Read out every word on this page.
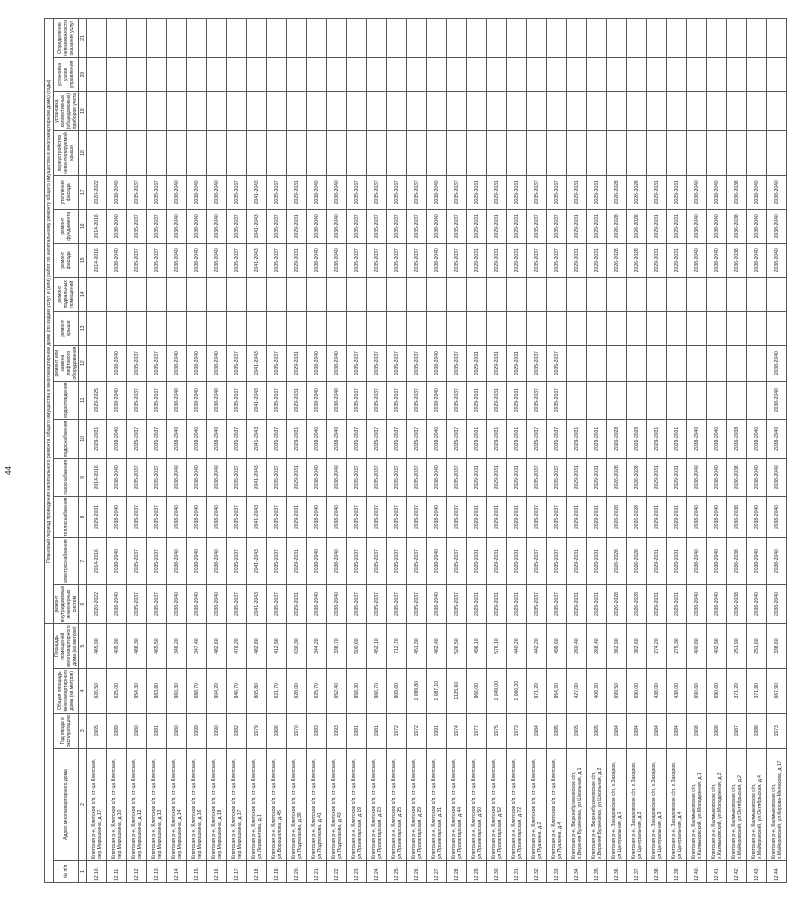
44
					Плановый период проведения капитального ремонта общего имущества в многоквартирном доме (по видам услуг и (или) работ по капитальному ремонту общего имущества в многоквартирном доме) (годы)															
№ п/п	Адрес многоквартирного дома	Год ввода в эксплуатацию	Общая площадь многоквартирного дома (кв.метров)	Площадь помещений многоквартирного дома (кв.метров)	ремонт внутридомовых инженерных систем	электроснабжения	теплоснабжения	газоснабжения	водоснабжения	водоотведения	ремонт или замена лифтового оборудования	ремонт крыши	ремонт подвальных помещений	ремонт фасада	ремонт фундамента	утепление фасада	переустройство невентилируемой крыши	установка коллективных (общедомовых) приборов учета	установка узлов управления	Определение невозможности оказания услуг
1	2	3	4	5	6	7	8	9	10	11	12	13	14	15	16	17	18	19	20	21
12.10.	Клетская р-н, Клетское с/п, ст-ца Клетская, пер.Мирошкина, д.17	1965	626,50	465,90	2020-2022	2014-2016	2029-2031	2014-2016	2029-2031	2029-2025				2014-2016	2014-2016	2020-2022				
12.11.	Клетская р-н, Клетское с/п, ст-ца Клетская, пер.Мирошкина, д.10	1989	625,00	405,90	2038-2040	2038-2040	2038-2040	2038-2040	2038-2040	2038-2040	2038-2040			2038-2040	2038-2040	2038-2040				
12.12.	Клетская р-н, Клетское с/п, ст-ца Клетская, пер.Мирошкина, д.12	1980	954,30	488,30	2035-2037	2035-2037	2035-2037	2035-2037	2035-2037	2035-2037	2035-2037			2035-2037	2035-2037	2035-2037				
12.13.	Клетская р-н, Клетское с/п, ст-ца Клетская, пер.Мирошкина, д.13	1981	983,80	465,50	2035-2037	2035-2037	2035-2037	2035-2037	2035-2037	2035-2037	2035-2037			2035-2037	2035-2037	2035-2037				
12.14.	Клетская р-н, Клетское с/п, ст-ца Клетская, пер.Мирошкина, д.14	1980	960,30	346,20	2038-2040	2038-2040	2038-2040	2038-2040	2038-2040	2038-2040	2038-2040			2038-2040	2038-2040	2038-2040				
12.15.	Клетская р-н, Клетское с/п, ст-ца Клетская, пер.Мирошкина, д.16	1999	688,70	347,40	2038-2040	2038-2040	2038-2040	2038-2040	2038-2040	2038-2040	2038-2040			2038-2040	2038-2040	2038-2040				
12.16.	Клетская р-н, Клетское с/п, ст-ца Клетская, пер.Мирошкина, д.18	1990	904,20	482,60	2038-2040	2038-2040	2038-2040	2038-2040	2038-2040	2038-2040	2038-2040			2038-2040	2038-2040	2038-2040				
12.17.	Клетская р-н, Клетское с/п, ст-ца Клетская, пер.Мирошкина, д.17	1982	946,70	476,20	2035-2037	2035-2037	2035-2037	2035-2037	2035-2037	2035-2037	2035-2037			2035-2037	2035-2037	2035-2037				
12.18.	Клетская р-н, Клетское с/п, ст-ца Клетская, ул.Лермонтова, д.1	1979	865,80	482,80	2041-2043	2041-2043	2041-2043	2041-2043	2041-2043	2041-2043	2041-2043			2041-2043	2041-2043	2041-2043				
12.19.	Клетская р-н, Клетское с/п, ст-ца Клетская, ул.Ворошилова, д.45	1966	621,70	412,90	2035-2037	2035-2037	2035-2037	2035-2037	2035-2037	2035-2037	2035-2037			2035-2037	2035-2037	2035-2037				
12.20.	Клетская р-н, Клетское с/п, ст-ца Клетская, ул.Подтелкова, д.39	1970	628,00	630,30	2029-2031	2029-2031	2029-2031	2029-2031	2029-2031	2029-2031	2029-2031			2029-2031	2029-2031	2029-2031				
12.21.	Клетская р-н, Клетское с/п, ст-ца Клетская, ул.Подтелкова, д.41	1983	625,70	344,20	2038-2040	2038-2040	2038-2040	2038-2040	2038-2040	2038-2040	2038-2040			2038-2040	2038-2040	2038-2040				
12.22.	Клетская р-н, Клетское с/п, ст-ца Клетская, ул.Подтелкова, д.43	1993	652,40	338,70	2038-2040	2038-2040	2038-2040	2038-2040	2038-2040	2038-2040	2038-2040			2038-2040	2038-2040	2038-2040				
12.23.	Клетская р-н, Клетское с/п, ст-ца Клетская, ул.Пролетарская, д.19	1981	858,30	500,60	2035-2037	2035-2037	2035-2037	2035-2037	2035-2037	2035-2037	2035-2037			2035-2037	2035-2037	2035-2037				
12.24.	Клетская р-н, Клетское с/п, ст-ца Клетская, ул.Пролетарская, д.23	1981	966,70	452,10	2035-2037	2035-2037	2035-2037	2035-2037	2035-2037	2035-2037	2035-2037			2035-2037	2035-2037	2035-2037				
12.25.	Клетская р-н, Клетское с/п, ст-ца Клетская, ул.Пролетарская, д.25	1972	809,60	712,70	2035-2037	2035-2037	2035-2037	2035-2037	2035-2037	2035-2037	2035-2037			2035-2037	2035-2037	2035-2037				
12.26.	Клетская р-н, Клетское с/п, ст-ца Клетская, ул.Пролетарская, д.29	1972	1 099,80	451,30	2035-2037	2035-2037	2035-2037	2035-2037	2035-2037	2035-2037	2035-2037			2035-2037	2035-2037	2035-2037				
12.27.	Клетская р-н, Клетское с/п, ст-ца Клетская, ул.Пролетарская, д.31	1991	1 087,10	462,40	2038-2040	2038-2040	2038-2040	2038-2040	2038-2040	2038-2040	2038-2040			2038-2040	2038-2040	2038-2040				
12.28.	Клетская р-н, Клетское с/п, ст-ца Клетская, ул.Пролетарская, д.44	1974	1125,60	526,50	2035-2037	2035-2037	2035-2037	2035-2037	2035-2037	2035-2037	2035-2037			2035-2037	2035-2037	2035-2037				
12.29.	Клетская р-н, Клетское с/п, ст-ца Клетская, ул.Пролетарская, д.50	1977	966,00	496,10	2029-2031	2029-2031	2029-2031	2029-2031	2029-2031	2029-2031	2029-2031			2029-2031	2029-2031	2029-2031				
12.30.	Клетская р-н, Клетское с/п, ст-ца Клетская, ул.Пролетарская, д.52	1975	1 049,00	576,10	2029-2031	2029-2031	2029-2031	2029-2031	2029-2031	2029-2031	2029-2031			2029-2031	2029-2031	2029-2031				
12.31.	Клетская р-н, Клетское с/п, ст-ца Клетская, ул.Пролетарская, д.72	1973	1 066,20	440,20	2029-2031	2029-2031	2029-2031	2029-2031	2029-2031	2029-2031	2029-2031			2029-2031	2029-2031	2029-2031				
12.32.	Клетская р-н, Клетское с/п, ст-ца Клетская, ул.Пушкина, д.2	1984	971,20	442,20	2035-2037	2035-2037	2035-2037	2035-2037	2035-2037	2035-2037	2035-2037			2035-2037	2035-2037	2035-2037				
12.33.	Клетская р-н, Клетское с/п, ст-ца Клетская, ул.Пушкина, д.4	1985	954,20	499,60	2035-2037	2035-2037	2035-2037	2035-2037	2035-2037	2035-2037	2035-2037			2035-2037	2035-2037	2035-2037				
12.34.	Клетская р-н, Верхнебузиновское с/п, х.Верхняя Бузиновка, ул.Школьная, д.1	1965	427,00	260,40	2029-2031	2029-2031	2029-2031	2029-2031	2029-2031					2029-2031	2029-2031	2029-2031				
12.35.	Клетская р-н, Верхнебузиновское с/п, х.Верхняя Бузиновка, ул.Школьная, д.2	1965	408,20	268,40	2029-2031	2029-2031	2029-2031	2029-2031	2029-2031					2029-2031	2029-2031	2029-2031				
12.36.	Клетская р-н, Захаровское с/п, х.Захаров, ул.Центральная, д.1	1984	699,50	362,90	2026-2028	2026-2028	2026-2028	2026-2028	2026-2028					2026-2028	2026-2028	2026-2028				
12.37.	Клетская р-н, Захаровское с/п, х.Захаров, ул.Центральная, д.2	1984	690,00	362,60	2026-2028	2026-2028	2026-2028	2026-2028	2026-2028					2026-2028	2026-2028	2026-2028				
12.38.	Клетская р-н, Захаровское с/п, х.Захаров, ул.Центральная, д.3	1984	438,00	274,20	2029-2031	2029-2031	2029-2031	2029-2031	2029-2031					2029-2031	2029-2031	2029-2031				
12.39.	Клетская р-н, Захаровское с/п, х.Захаров, ул.Центральная, д.4	1984	438,00	275,30	2029-2031	2029-2031	2029-2031	2029-2031	2029-2031					2029-2031	2029-2031	2029-2031				
12.40.	Клетская р-н, Калмыковское с/п, х.Калмыковский, ул.Молодежная, д.1	1968	690,60	400,80	2038-2040	2038-2040	2038-2040	2038-2040	2038-2040					2038-2040	2038-2040	2038-2040				
12.41.	Клетская р-н, Калмыковское с/п, х.Калмыковский, ул.Молодежная, д.2	1968	690,60	402,90	2038-2040	2038-2040	2038-2040	2038-2040	2038-2040					2038-2040	2038-2040	2038-2040				
12.42.	Клетская р-н, Калмыковское с/п, х.Майоровский, ул.Октябрьская, д.2	1987	371,20	251,90	2036-2038	2036-2038	2036-2038	2036-2038	2036-2038					2036-2038	2036-2038	2036-2038				
12.43.	Клетская р-н, Калмыковское с/п, х.Майоровский, ул.Октябрьская, д.4	1988	371,80	251,60	2038-2040	2038-2040	2038-2040	2038-2040	2038-2040					2038-2040	2038-2040	2038-2040				
12.44.	Клетская р-н, Калмыковское с/п, х.Майоровский, ул.Кирова-Мелехова, д.17	1973	667,90	338,60	2038-2040	2038-2040	2038-2040	2038-2040	2038-2040	2038-2040	2038-2040			2038-2040	2038-2040	2038-2040				
